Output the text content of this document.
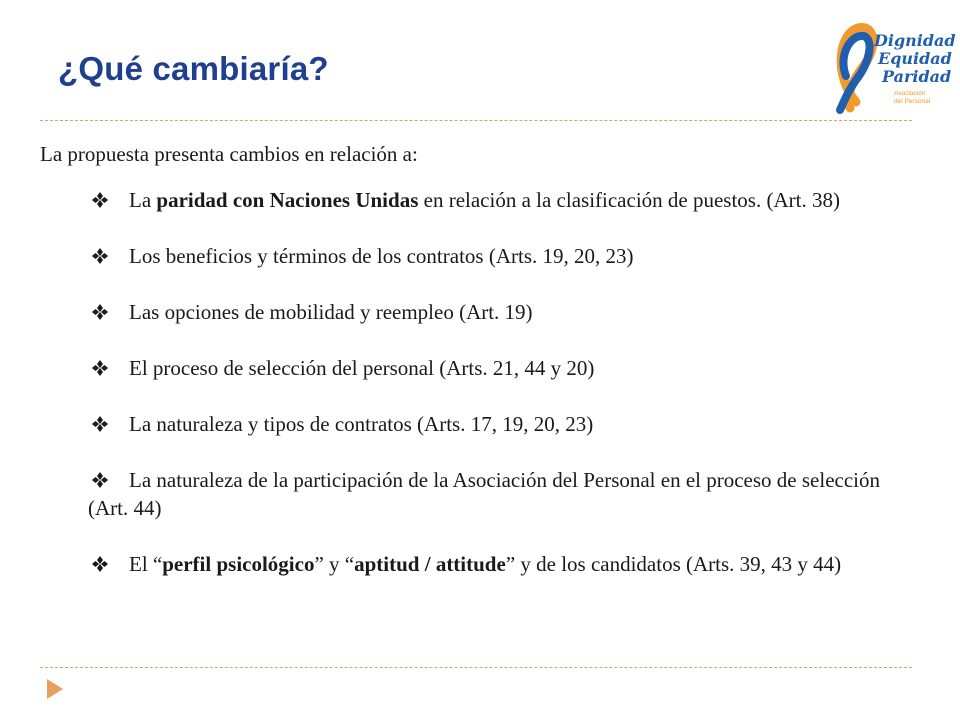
¿Qué cambiaría?
Dignidad
Equidad
Paridad
Asociación
del Personal

La propuesta presenta cambios en relación a:

La paridad con Naciones Unidas en relación a la clasificación de puestos. (Art. 38)
Los beneficios y términos de los contratos (Arts. 19, 20, 23)
Las opciones de mobilidad y reempleo (Art. 19)
El proceso de selección del personal (Arts. 21, 44 y 20)
La naturaleza y tipos de contratos (Arts. 17, 19, 20, 23)
La naturaleza de la participación de la Asociación del Personal en el proceso de selección (Art. 44)
El “perfil psicológico” y “aptitud / attitude” y de los candidatos (Arts. 39, 43 y 44)
